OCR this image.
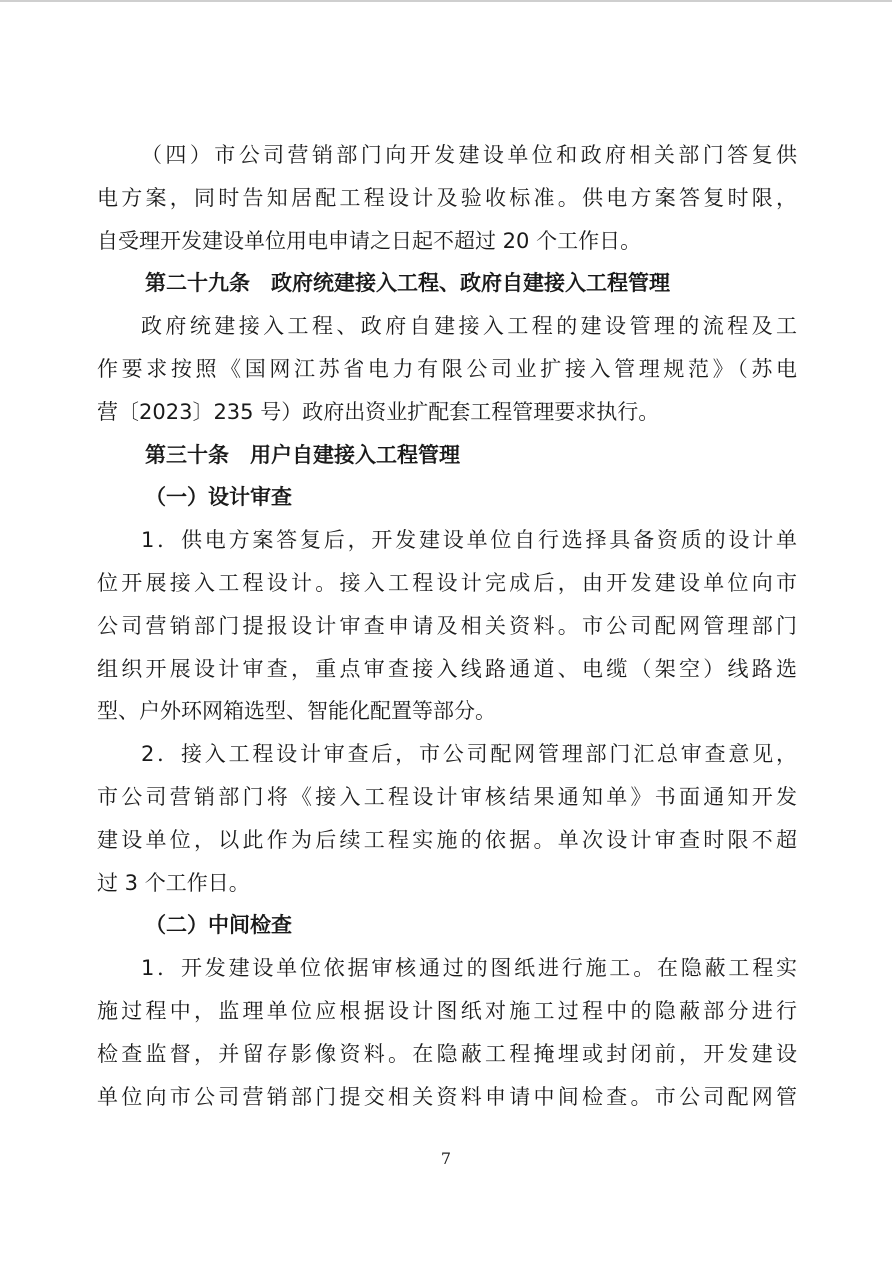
（四）市公司营销部门向开发建设单位和政府相关部门答复供
电方案，同时告知居配工程设计及验收标准。供电方案答复时限，
自受理开发建设单位用电申请之日起不超过 20 个工作日。
第二十九条　政府统建接入工程、政府自建接入工程管理
政府统建接入工程、政府自建接入工程的建设管理的流程及工
作要求按照《国网江苏省电力有限公司业扩接入管理规范》（苏电
营〔2023〕235 号）政府出资业扩配套工程管理要求执行。
第三十条　用户自建接入工程管理
（一）设计审查
1．供电方案答复后，开发建设单位自行选择具备资质的设计单
位开展接入工程设计。接入工程设计完成后，由开发建设单位向市
公司营销部门提报设计审查申请及相关资料。市公司配网管理部门
组织开展设计审查，重点审查接入线路通道、电缆（架空）线路选
型、户外环网箱选型、智能化配置等部分。
2．接入工程设计审查后，市公司配网管理部门汇总审查意见，
市公司营销部门将《接入工程设计审核结果通知单》书面通知开发
建设单位，以此作为后续工程实施的依据。单次设计审查时限不超
过 3 个工作日。
（二）中间检查
1．开发建设单位依据审核通过的图纸进行施工。在隐蔽工程实
施过程中，监理单位应根据设计图纸对施工过程中的隐蔽部分进行
检查监督，并留存影像资料。在隐蔽工程掩埋或封闭前，开发建设
单位向市公司营销部门提交相关资料申请中间检查。市公司配网管
7
